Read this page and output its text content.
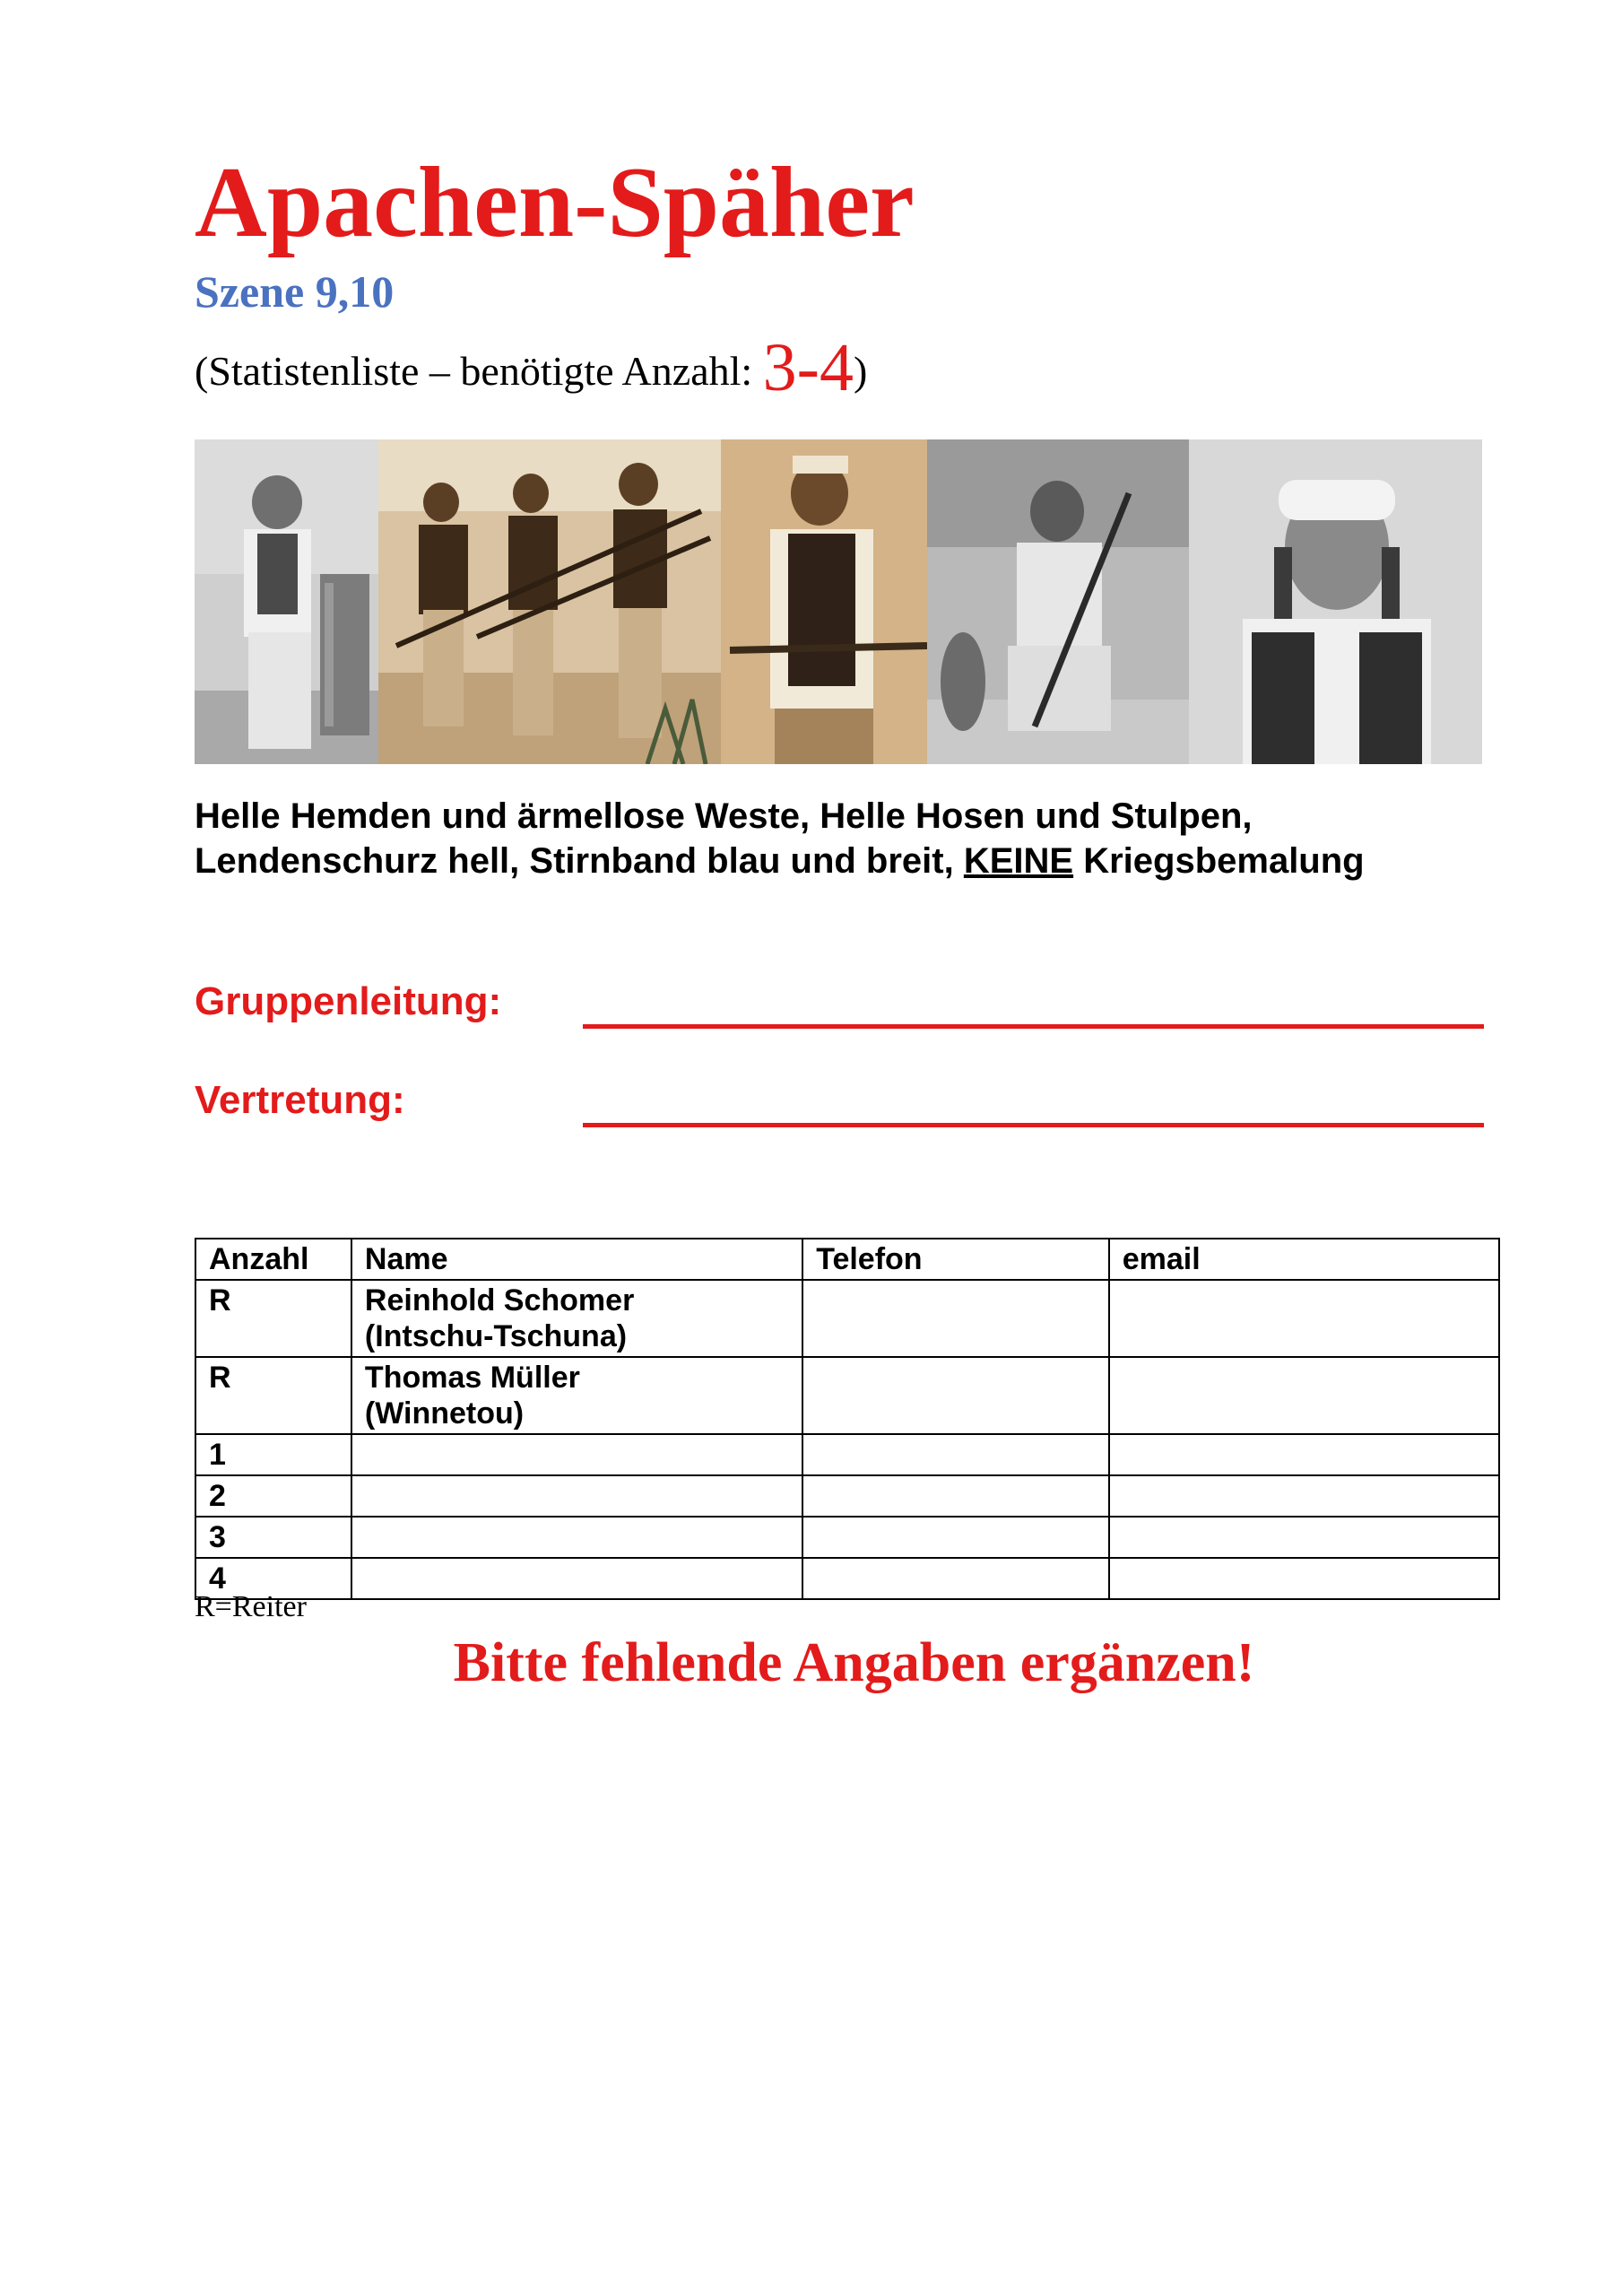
Apachen-Späher
Szene 9,10
(Statistenliste – benötigte Anzahl: 3-4)
Helle Hemden und ärmellose Weste, Helle Hosen und Stulpen,
Lendenschurz hell, Stirnband blau und breit, KEINE Kriegsbemalung
Gruppenleitung:
Vertretung:
Anzahl	Name	Telefon	email
R	Reinhold Schomer
(Intschu-Tschuna)		

R	Thomas Müller
(Winnetou)		

1			
2			
3			
4			
R=Reiter
Bitte fehlende Angaben ergänzen!
